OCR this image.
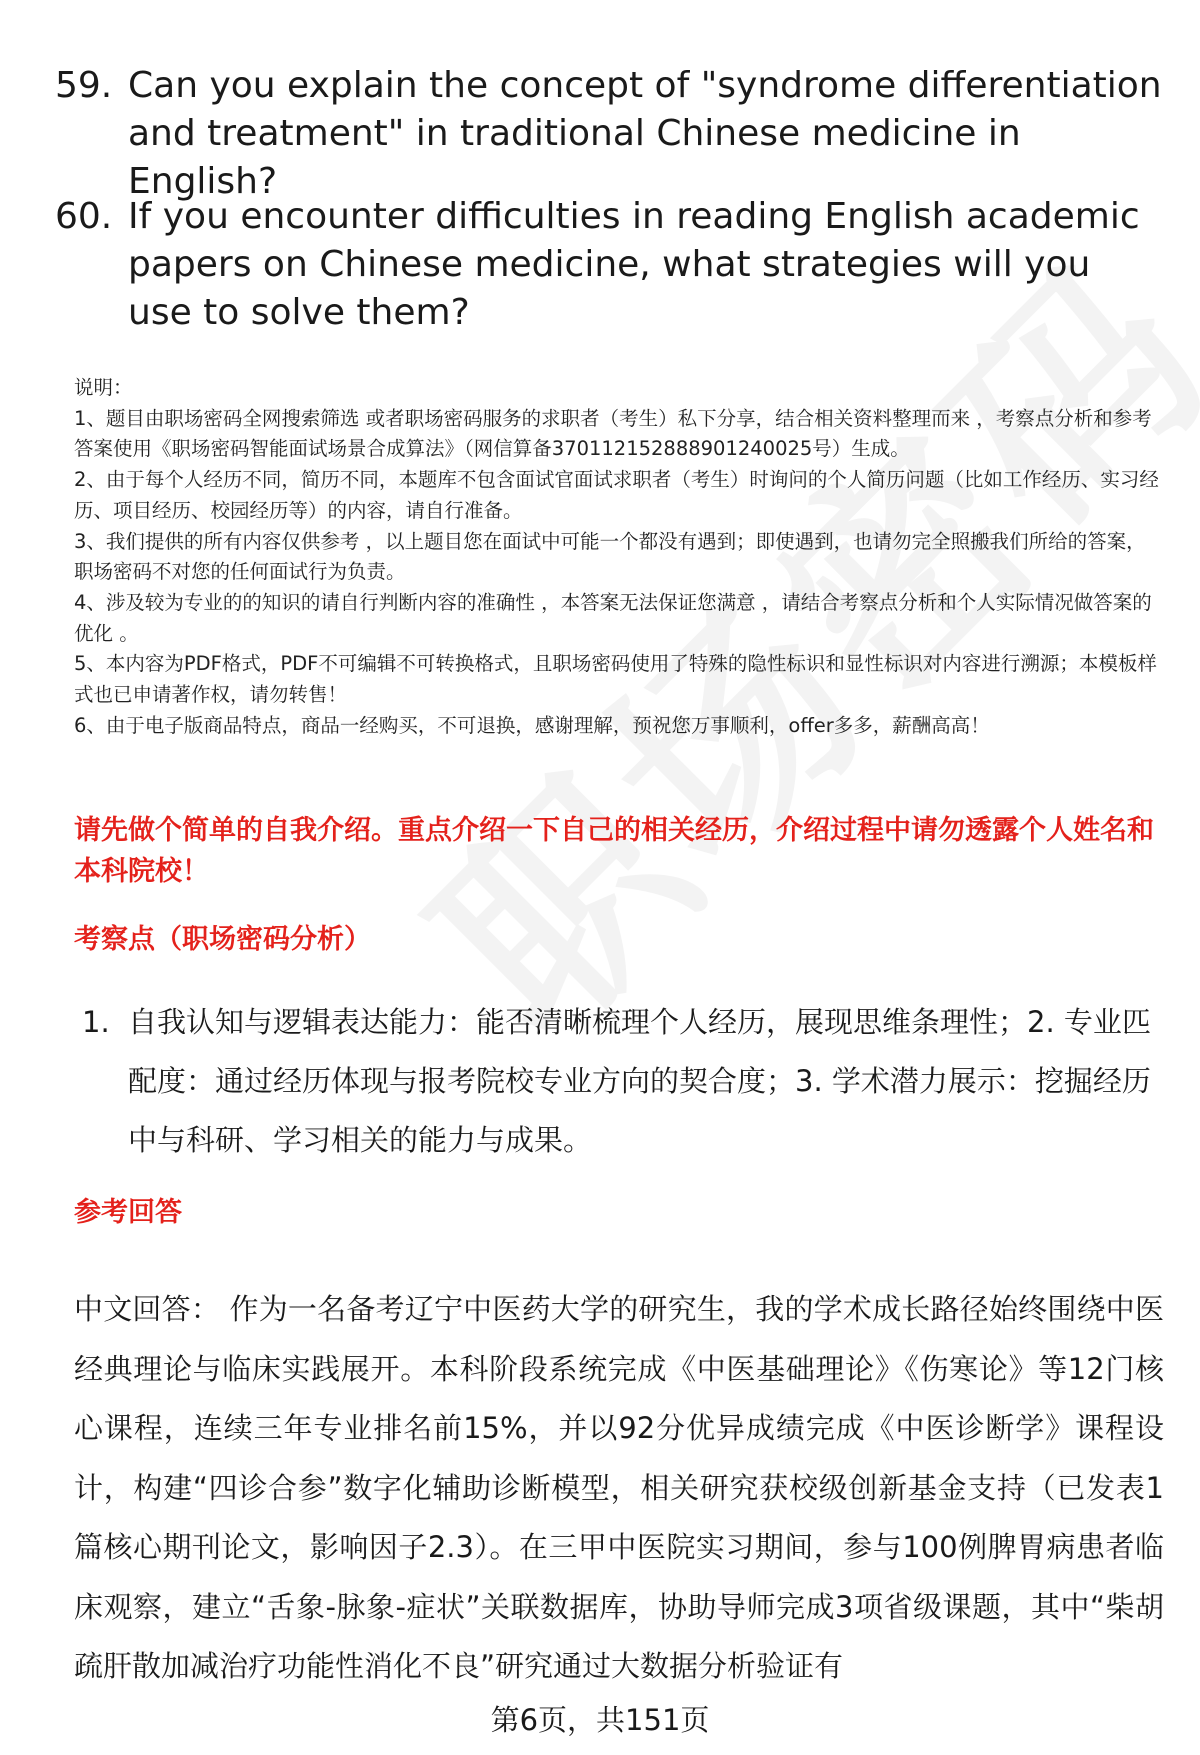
59. Can you explain the concept of "syndrome differentiation and treatment" in traditional Chinese medicine in English?
60. If you encounter difficulties in reading English academic papers on Chinese medicine, what strategies will you use to solve them?

说明：

1、题目由职场密码全网搜索筛选 或者职场密码服务的求职者（考生）私下分享，结合相关资料整理而来 ，考察点分析和参考答案使用《职场密码智能面试场景合成算法》（网信算备370112152888901240025号）生成。

2、由于每个人经历不同，简历不同，本题库不包含面试官面试求职者（考生）时询问的个人简历问题（比如工作经历、实习经历、项目经历、校园经历等）的内容，请自行准备。

3、我们提供的所有内容仅供参考 ，以上题目您在面试中可能一个都没有遇到；即使遇到，也请勿完全照搬我们所给的答案，职场密码不对您的任何面试行为负责。

4、涉及较为专业的的知识的请自行判断内容的准确性 ，本答案无法保证您满意 ，请结合考察点分析和个人实际情况做答案的优化 。

5、本内容为PDF格式，PDF不可编辑不可转换格式，且职场密码使用了特殊的隐性标识和显性标识对内容进行溯源；本模板样式也已申请著作权，请勿转售！

6、由于电子版商品特点，商品一经购买，不可退换，感谢理解，预祝您万事顺利，offer多多，薪酬高高！

请先做个简单的自我介绍。重点介绍一下自己的相关经历，介绍过程中请勿透露个人姓名和本科院校！
考察点（职场密码分析）
1. 自我认知与逻辑表达能力：能否清晰梳理个人经历，展现思维条理性；2. 专业匹配度：通过经历体现与报考院校专业方向的契合度；3. 学术潜力展示：挖掘经历中与科研、学习相关的能力与成果。
参考回答
中文回答： 作为一名备考辽宁中医药大学的研究生，我的学术成长路径始终围绕中医经典理论与临床实践展开。本科阶段系统完成《中医基础理论》《伤寒论》等12门核心课程，连续三年专业排名前15%，并以92分优异成绩完成《中医诊断学》课程设计，构建“四诊合参”数字化辅助诊断模型，相关研究获校级创新基金支持（已发表1篇核心期刊论文，影响因子2.3）。在三甲中医院实习期间，参与100例脾胃病患者临床观察，建立“舌象-脉象-症状”关联数据库，协助导师完成3项省级课题，其中“柴胡疏肝散加减治疗功能性消化不良”研究通过大数据分析验证有
第6页，共151页
